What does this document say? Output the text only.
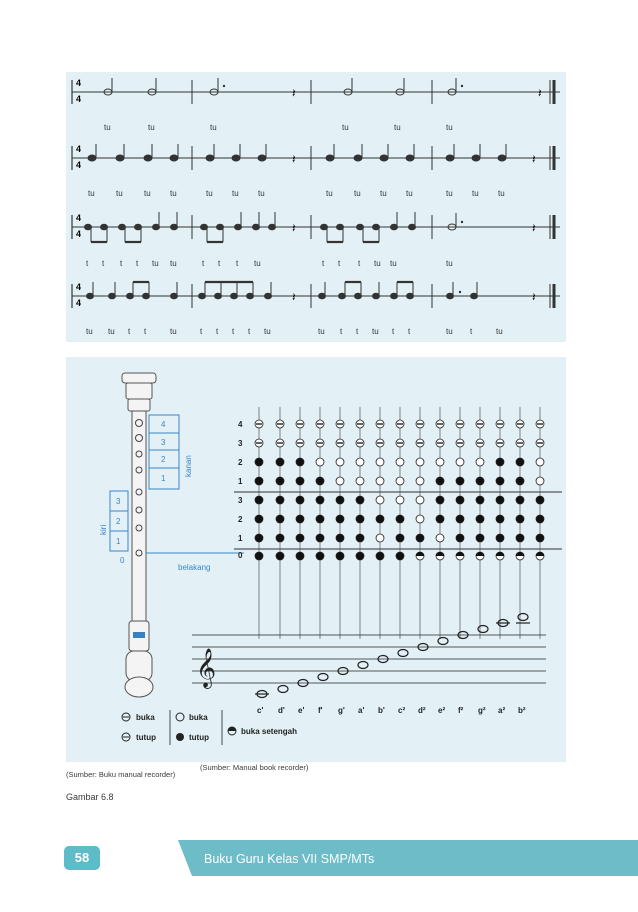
4
4	𝄽	𝄽
tu	tu	tu	tu	tu	tu
4
4	𝄽	𝄽
tu	tu	tu tu	tu tu tu	tu	tu tu tu	tu tu tu
4
4	𝄽	𝄽
t t t t tu tu	t t t tu	t t t tu tu	tu
4
4	𝄽	𝄽
tu tu t t	tu	t t t t tu	tu t t tu t t	tu t	tu
4
3
2
1
3
2
1
0
belakang
kanan
kiri
4
3
2
1
3
2
1
0
𝄞
c' d' e' f' g' a' b' c² d² e² f² g² a² b²
buka
tutup
buka
tutup
buka setengah
(Sumber: Buku manual recorder)
(Sumber: Manual book recorder)
Gambar 6.8
58	Buku Guru Kelas VII SMP/MTs
